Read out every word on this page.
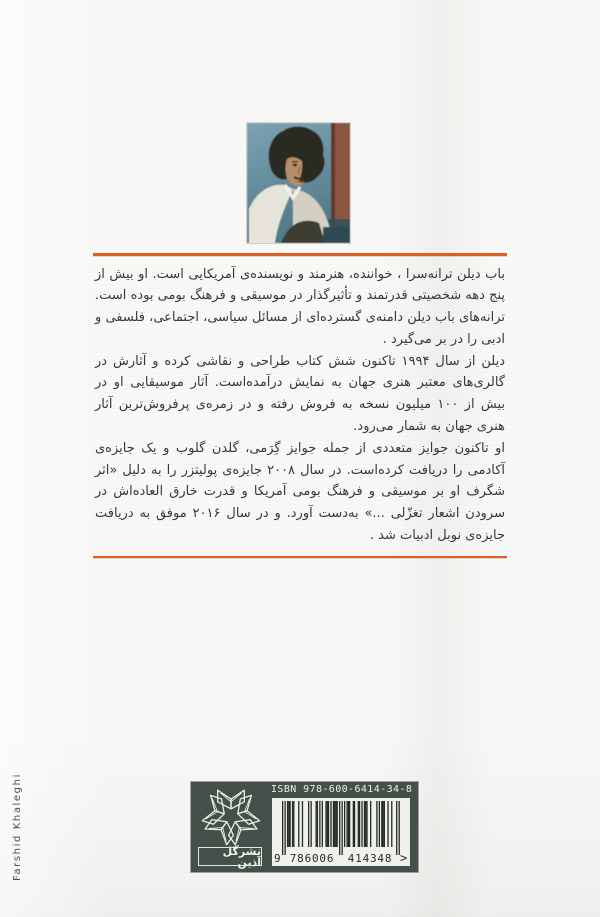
باب دیلن ترانه‌سرا ، خواننده، هنرمند و نویسنده‌ی آمریکایی است. او بیش از پنج دهه شخصیتی قدرتمند و تأثیرگذار در موسیقی و فرهنگ بومی بوده است. ترانه‌های باب دیلن دامنه‌ی گسترده‌ای از مسائل سیاسی، اجتماعی، فلسفی و ادبی را در بر می‌گیرد .

دیلن از سال ۱۹۹۴ تاکنون شش کتاب طراحی و نقاشی کرده و آثارش در گالری‌های معتبر هنری جهان به نمایش درآمده‌است. آثار موسیقایی او در بیش از ۱۰۰ میلیون نسخه به فروش رفته و در زمره‌ی پرفروش‌ترین آثار هنری جهان به شمار می‌رود.

او تاکنون جوایز متعددی از جمله جوایز گِرَمی، گلدن گلوب و یک جایزه‌ی آکادمی را دریافت کرده‌است. در سال ۲۰۰۸ جایزه‌ی پولیتزر را به دلیل «اثر شگرف او بر موسیقی و فرهنگ بومی آمریکا و قدرت خارق العاده‌اش در سرودن اشعار تغزّلی ...» به‌دست آورد. و در سال ۲۰۱۶ موفق به دریافت جایزه‌ی نوبل ادبیات شد .

Farshid Khaleghi	نشرگل آذین
ISBN 978-600-6414-34-8
9 786006 414348 >
